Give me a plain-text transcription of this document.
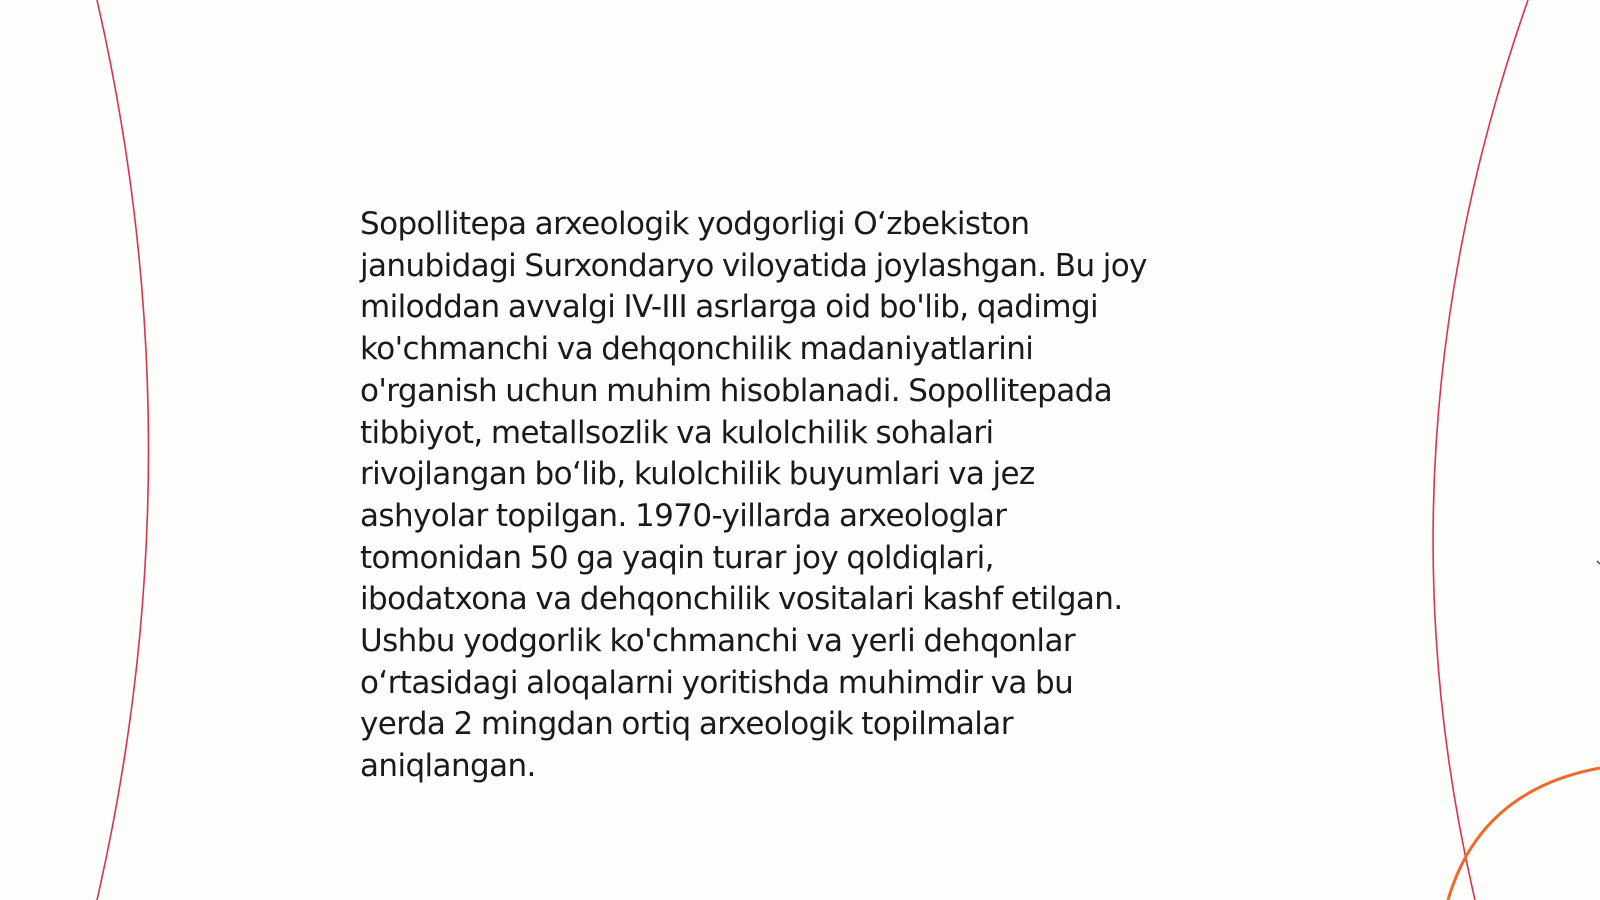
Sopollitepa arxeologik yodgorligi O‘zbekiston
janubidagi Surxondaryo viloyatida joylashgan. Bu joy
miloddan avvalgi IV-III asrlarga oid bo'lib, qadimgi
ko'chmanchi va dehqonchilik madaniyatlarini
o'rganish uchun muhim hisoblanadi. Sopollitepada
tibbiyot, metallsozlik va kulolchilik sohalari
rivojlangan bo‘lib, kulolchilik buyumlari va jez
ashyolar topilgan. 1970-yillarda arxeologlar
tomonidan 50 ga yaqin turar joy qoldiqlari,
ibodatxona va dehqonchilik vositalari kashf etilgan.
Ushbu yodgorlik ko'chmanchi va yerli dehqonlar
o‘rtasidagi aloqalarni yoritishda muhimdir va bu
yerda 2 mingdan ortiq arxeologik topilmalar
aniqlangan.
